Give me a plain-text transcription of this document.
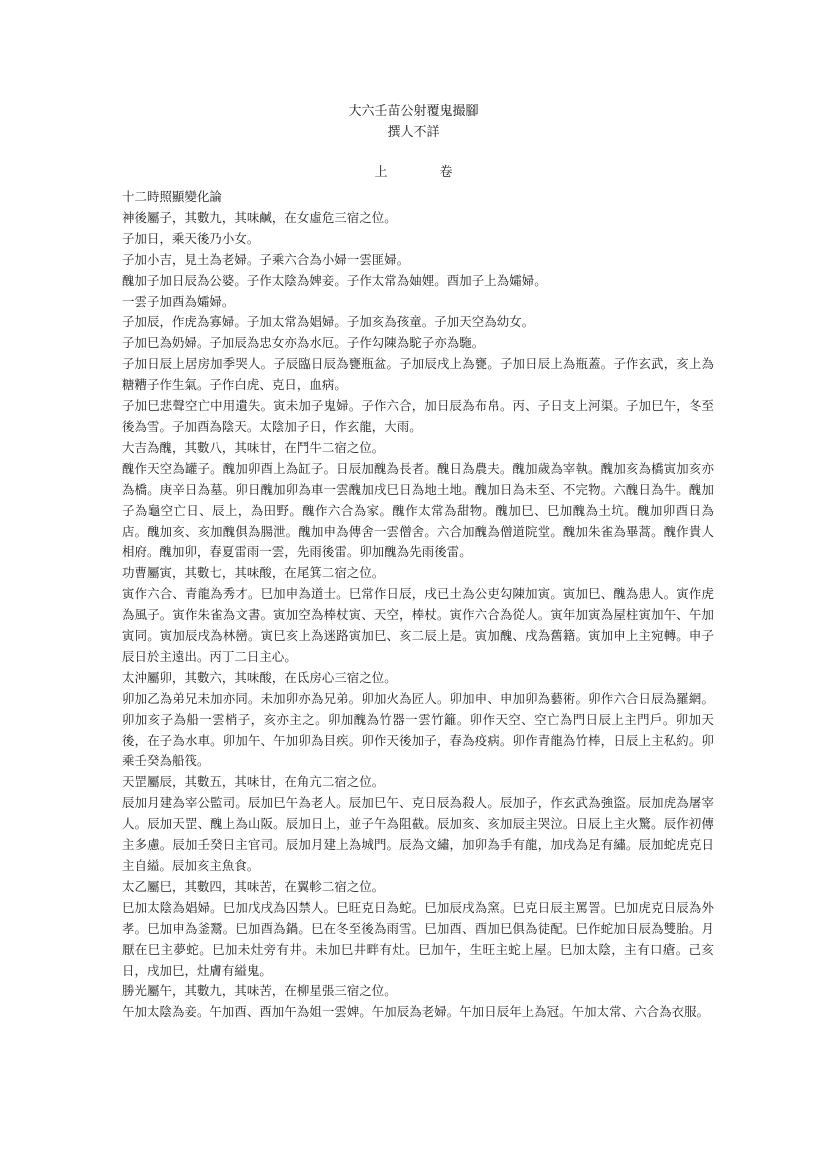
大六壬苗公射覆鬼撮腳
撰人不詳
上	卷

十二時照顯變化論

神後屬子，其數九，其味鹹，在女虛危三宿之位。

子加日，乘天後乃小女。

子加小吉，見土為老婦。子乘六合為小婦一雲匪婦。

醜加子加日辰為公婆。子作太陰為婢妾。子作太常為妯娌。酉加子上為孀婦。

一雲子加酉為孀婦。

子加辰，作虎為寡婦。子加太常為娼婦。子加亥為孩童。子加天空為幼女。

子加巳為奶婦。子加辰為忠女亦為水厄。子作勾陳為駝子亦為駞。

子加日辰上居房加季哭人。子辰臨日辰為甕瓶盆。子加辰戌上為甕。子加日辰上為瓶蓋。子作玄武，亥上為糖糟子作生氣。子作白虎、克日，血病。

子加巳悲聲空亡中用遺失。寅未加子鬼婦。子作六合，加日辰為布帛。丙、子日支上河渠。子加巳午，冬至後為雪。子加酉為陰天。太陰加子日，作玄龍，大雨。

大吉為醜，其數八，其味甘，在鬥牛二宿之位。

醜作天空為罐子。醜加卯酉上為缸子。日辰加醜為長者。醜日為農夫。醜加歲為宰執。醜加亥為橋寅加亥亦為橋。庚辛日為墓。卯日醜加卯為車一雲醜加戌巳日為地土地。醜加日為未至、不完物。六醜日為牛。醜加子為龜空亡日、辰上，為田野。醜作六合為家。醜作太常為甜物。醜加巳、巳加醜為土坑。醜加卯酉日為店。醜加亥、亥加醜俱為腸泄。醜加申為傳舍一雲僧舍。六合加醜為僧道院堂。醜加朱雀為畢蒿。醜作貴人相府。醜加卯，春夏雷雨一雲，先雨後雷。卯加醜為先雨後雷。

功曹屬寅，其數七，其味酸，在尾箕二宿之位。

寅作六合、青龍為秀才。巳加申為道士。巳常作日辰，戌已土為公吏勾陳加寅。寅加巳、醜為患人。寅作虎為風子。寅作朱雀為文書。寅加空為棒杖寅、天空，棒杖。寅作六合為從人。寅年加寅為屋柱寅加午、午加寅同。寅加辰戌為林巒。寅巳亥上為迷路寅加巳、亥二辰上是。寅加醜、戌為舊籍。寅加申上主宛轉。申子辰日於主遠出。丙丁二日主心。

太沖屬卯，其數六，其味酸，在氐房心三宿之位。

卯加乙為弟兄未加亦同。未加卯亦為兄弟。卯加火為匠人。卯加申、申加卯為藝術。卯作六合日辰為羅網。卯加亥子為船一雲梢子，亥亦主之。卯加醜為竹器一雲竹籬。卯作天空、空亡為門日辰上主門戶。卯加天後，在子為水車。卯加午、午加卯為目疾。卯作天後加子，春為疫病。卯作青龍為竹棒，日辰上主私約。卯乘壬癸為船筏。

天罡屬辰，其數五，其味甘，在角亢二宿之位。

辰加月建為宰公監司。辰加巳午為老人。辰加巳午、克日辰為殺人。辰加子，作玄武為強盜。辰加虎為屠宰人。辰加天罡、醜上為山阪。辰加日上，並子午為阻截。辰加亥、亥加辰主哭泣。日辰上主火驚。辰作初傳主多慮。辰加壬癸日主官司。辰加月建上為城門。辰為文繡，加卯為手有龍，加戌為足有繡。辰加蛇虎克日主自縊。辰加亥主魚食。

太乙屬巳，其數四，其味苦，在翼軫二宿之位。

巳加太陰為娼婦。巳加戊戌為囚禁人。巳旺克日為蛇。巳加辰戌為窯。巳克日辰主罵詈。巳加虎克日辰為外孝。巳加申為釜鬵。巳加酉為鍋。巳在冬至後為雨雪。巳加酉、酉加巳俱為徒配。巳作蛇加日辰為雙胎。月厭在巳主夢蛇。巳加未灶旁有井。未加巳井畔有灶。巳加午，生旺主蛇上屋。巳加太陰，主有口瘡。己亥日，戌加巳，灶膚有縊鬼。

勝光屬午，其數九，其味苦，在柳星張三宿之位。

午加太陰為妾。午加酉、酉加午為姐一雲婢。午加辰為老婦。午加日辰年上為冠。午加太常、六合為衣服。
